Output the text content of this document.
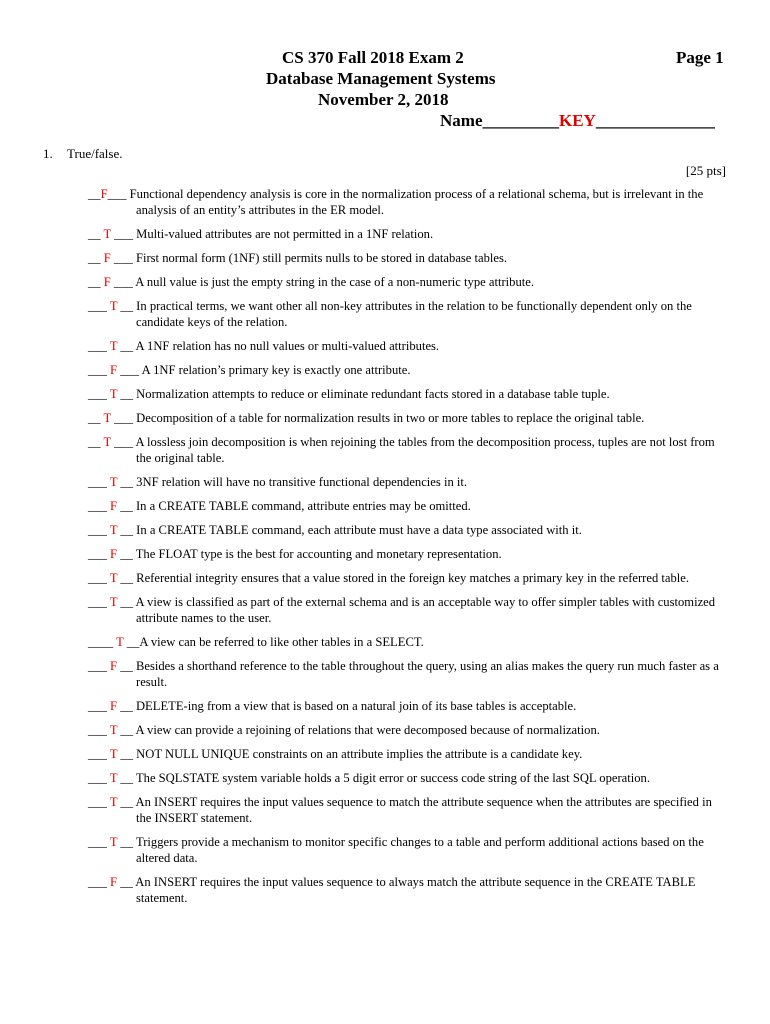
CS 370 Fall 2018 Exam 2
Database Management Systems
November 2, 2018
Name_________KEY______________
Page 1
1. True/false.
[25 pts]
__F___ Functional dependency analysis is core in the normalization process of a relational schema, but is irrelevant in the analysis of an entity’s attributes in the ER model.
__ T ___ Multi-valued attributes are not permitted in a 1NF relation.
__ F ___ First normal form (1NF) still permits nulls to be stored in database tables.
__ F ___ A null value is just the empty string in the case of a non-numeric type attribute.
___ T __ In practical terms, we want other all non-key attributes in the relation to be functionally dependent only on the candidate keys of the relation.
___ T __ A 1NF relation has no null values or multi-valued attributes.
___ F ___ A 1NF relation’s primary key is exactly one attribute.
___ T __ Normalization attempts to reduce or eliminate redundant facts stored in a database table tuple.
__ T ___ Decomposition of a table for normalization results in two or more tables to replace the original table.
__ T ___ A lossless join decomposition is when rejoining the tables from the decomposition process, tuples are not lost from the original table.
___ T __ 3NF relation will have no transitive functional dependencies in it.
___ F __ In a CREATE TABLE command, attribute entries may be omitted.
___ T __ In a CREATE TABLE command, each attribute must have a data type associated with it.
___ F __ The FLOAT type is the best for accounting and monetary representation.
___ T __ Referential integrity ensures that a value stored in the foreign key matches a primary key in the referred table.
___ T __ A view is classified as part of the external schema and is an acceptable way to offer simpler tables with customized attribute names to the user.
____ T __A view can be referred to like other tables in a SELECT.
___ F __ Besides a shorthand reference to the table throughout the query, using an alias makes the query run much faster as a result.
___ F __ DELETE-ing from a view that is based on a natural join of its base tables is acceptable.
___ T __ A view can provide a rejoining of relations that were decomposed because of normalization.
___ T __ NOT NULL UNIQUE constraints on an attribute implies the attribute is a candidate key.
___ T __ The SQLSTATE system variable holds a 5 digit error or success code string of the last SQL operation.
___ T __ An INSERT requires the input values sequence to match the attribute sequence when the attributes are specified in the INSERT statement.
___ T __ Triggers provide a mechanism to monitor specific changes to a table and perform additional actions based on the altered data.
___ F __ An INSERT requires the input values sequence to always match the attribute sequence in the CREATE TABLE statement.
